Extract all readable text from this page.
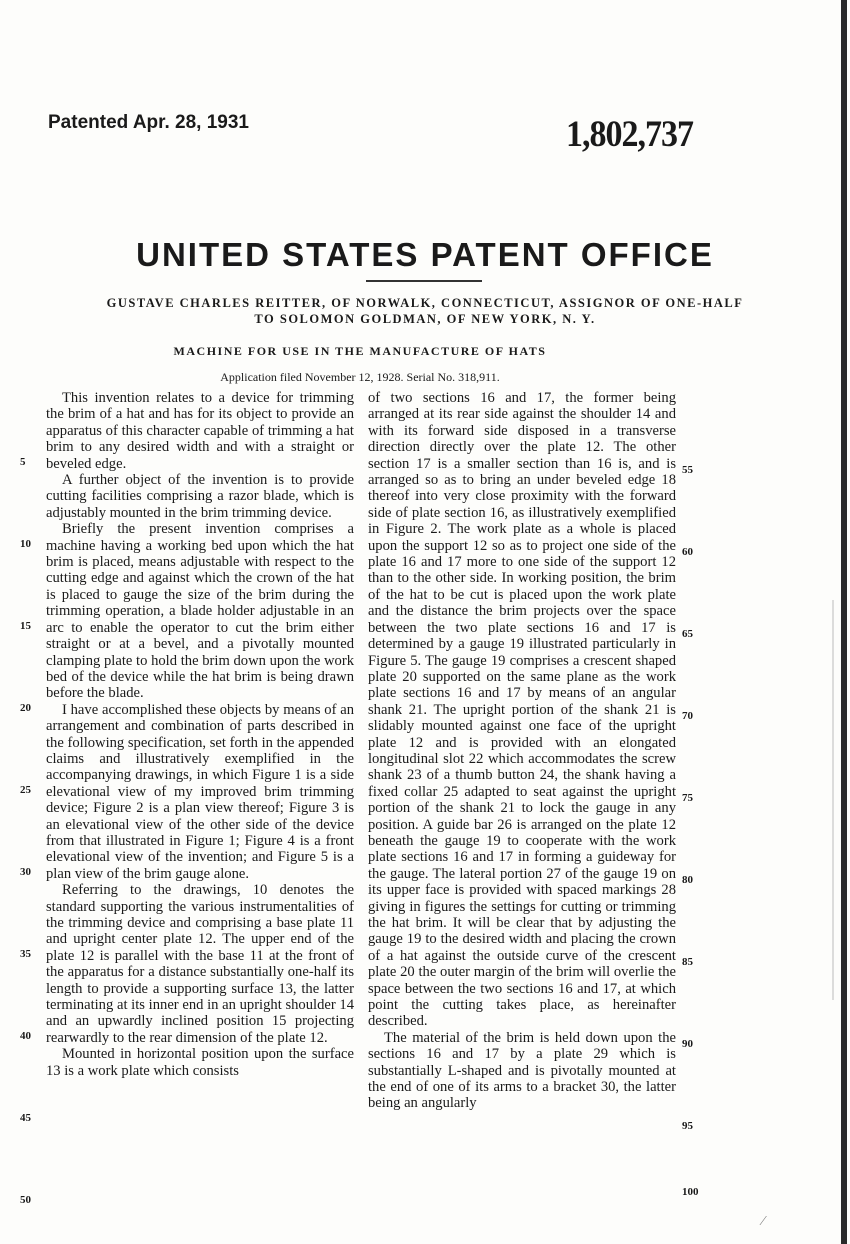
Patented Apr. 28, 1931	1,802,737
UNITED STATES PATENT OFFICE
GUSTAVE CHARLES REITTER, OF NORWALK, CONNECTICUT, ASSIGNOR OF ONE-HALF
TO SOLOMON GOLDMAN, OF NEW YORK, N. Y.
MACHINE FOR USE IN THE MANUFACTURE OF HATS
Application filed November 12, 1928. Serial No. 318,911.

This invention relates to a device for trimming the brim of a hat and has for its object to provide an apparatus of this character capable of trimming a hat brim to any desired width and with a straight or beveled edge.

A further object of the invention is to provide cutting facilities comprising a razor blade, which is adjustably mounted in the brim trimming device.

Briefly the present invention comprises a machine having a working bed upon which the hat brim is placed, means adjustable with respect to the cutting edge and against which the crown of the hat is placed to gauge the size of the brim during the trimming operation, a blade holder adjustable in an arc to enable the operator to cut the brim either straight or at a bevel, and a pivotally mounted clamping plate to hold the brim down upon the work bed of the device while the hat brim is being drawn before the blade.

I have accomplished these objects by means of an arrangement and combination of parts described in the following specification, set forth in the appended claims and illustratively exemplified in the accompanying drawings, in which Figure 1 is a side elevational view of my improved brim trimming device; Figure 2 is a plan view thereof; Figure 3 is an elevational view of the other side of the device from that illustrated in Figure 1; Figure 4 is a front elevational view of the invention; and Figure 5 is a plan view of the brim gauge alone.

Referring to the drawings, 10 denotes the standard supporting the various instrumentalities of the trimming device and comprising a base plate 11 and upright center plate 12. The upper end of the plate 12 is parallel with the base 11 at the front of the apparatus for a distance substantially one-half its length to provide a supporting surface 13, the latter terminating at its inner end in an upright shoulder 14 and an upwardly inclined position 15 projecting rearwardly to the rear dimension of the plate 12.

Mounted in horizontal position upon the surface 13 is a work plate which consists

of two sections 16 and 17, the former being arranged at its rear side against the shoulder 14 and with its forward side disposed in a transverse direction directly over the plate 12. The other section 17 is a smaller section than 16 is, and is arranged so as to bring an under beveled edge 18 thereof into very close proximity with the forward side of plate section 16, as illustratively exemplified in Figure 2. The work plate as a whole is placed upon the support 12 so as to project one side of the plate 16 and 17 more to one side of the support 12 than to the other side. In working position, the brim of the hat to be cut is placed upon the work plate and the distance the brim projects over the space between the two plate sections 16 and 17 is determined by a gauge 19 illustrated particularly in Figure 5. The gauge 19 comprises a crescent shaped plate 20 supported on the same plane as the work plate sections 16 and 17 by means of an angular shank 21. The upright portion of the shank 21 is slidably mounted against one face of the upright plate 12 and is provided with an elongated longitudinal slot 22 which accommodates the screw shank 23 of a thumb button 24, the shank having a fixed collar 25 adapted to seat against the upright portion of the shank 21 to lock the gauge in any position. A guide bar 26 is arranged on the plate 12 beneath the gauge 19 to cooperate with the work plate sections 16 and 17 in forming a guideway for the gauge. The lateral portion 27 of the gauge 19 on its upper face is provided with spaced markings 28 giving in figures the settings for cutting or trimming the hat brim. It will be clear that by adjusting the gauge 19 to the desired width and placing the crown of a hat against the outside curve of the crescent plate 20 the outer margin of the brim will overlie the space between the two sections 16 and 17, at which point the cutting takes place, as hereinafter described.

The material of the brim is held down upon the sections 16 and 17 by a plate 29 which is substantially L-shaped and is pivotally mounted at the end of one of its arms to a bracket 30, the latter being an angularly

5
10
15
20
25
30
35
40
45
50
55
60
65
70
75
80
85
90
95
100
⁄
